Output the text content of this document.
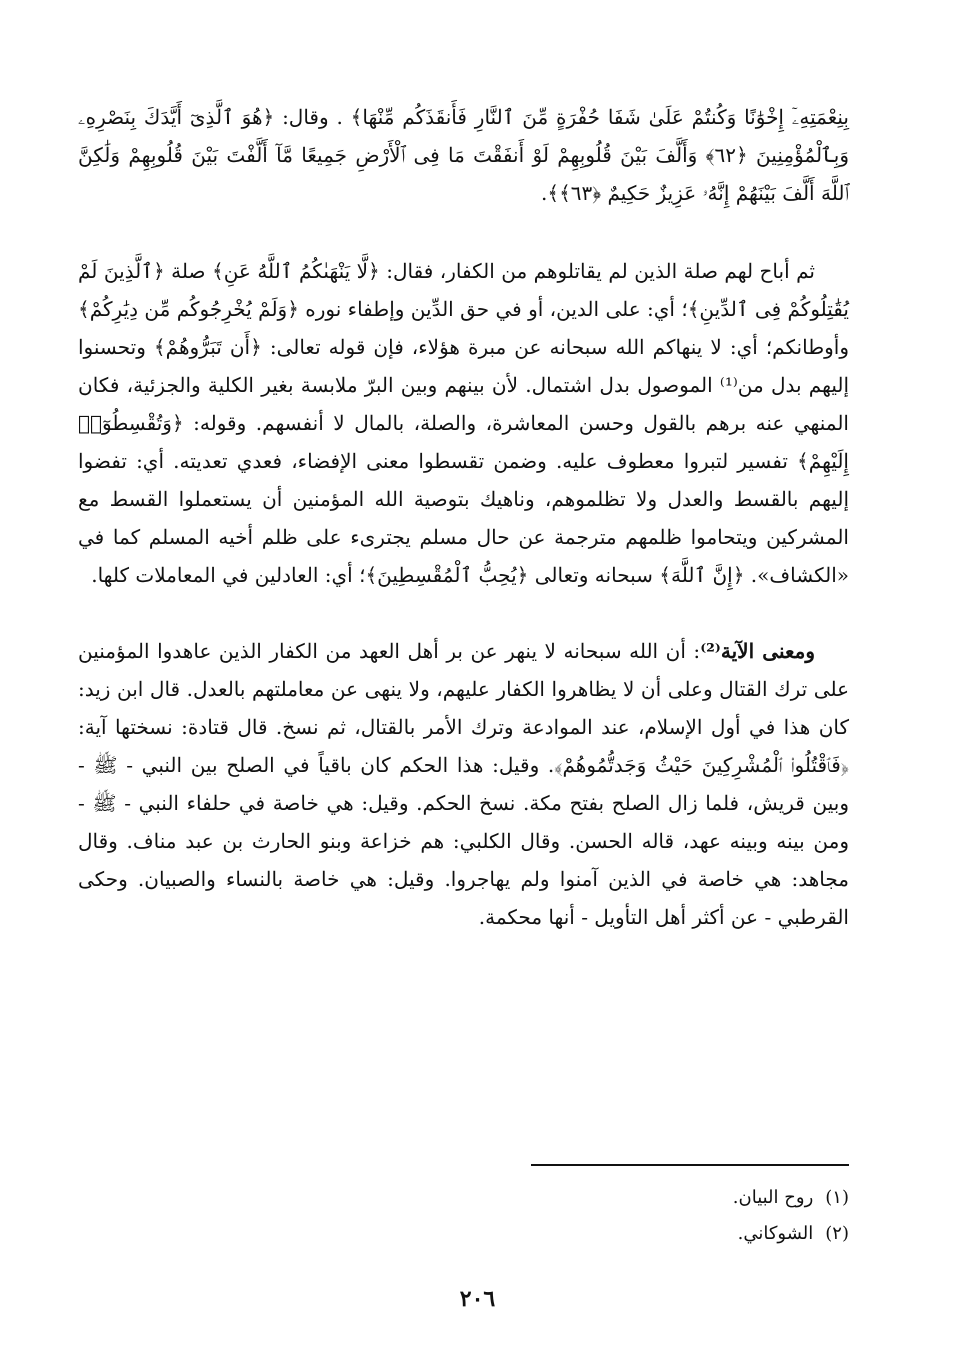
بِنِعْمَتِهِۦٓ إِخْوَٰنًا وَكُنتُمْ عَلَىٰ شَفَا حُفْرَةٍ مِّنَ ٱلنَّارِ فَأَنقَذَكُم مِّنْهَا﴾ . وقال: ﴿هُوَ ٱلَّذِىٓ أَيَّدَكَ بِنَصْرِهِۦ وَبِٱلْمُؤْمِنِينَ ﴿٦٢﴾ وَأَلَّفَ بَيْنَ قُلُوبِهِمْ لَوْ أَنفَقْتَ مَا فِى ٱلْأَرْضِ جَمِيعًا مَّآ أَلَّفْتَ بَيْنَ قُلُوبِهِمْ وَلَٰكِنَّ ٱللَّهَ أَلَّفَ بَيْنَهُمْ إِنَّهُۥ عَزِيزٌ حَكِيمٌ ﴿٦٣﴾﴾.

ثم أباح لهم صلة الذين لم يقاتلوهم من الكفار، فقال: ﴿لَّا يَنْهَىٰكُمُ ٱللَّهُ عَنِ﴾ صلة ﴿ٱلَّذِينَ لَمْ يُقَٰتِلُوكُمْ فِى ٱلدِّينِ﴾؛ أي: على الدين، أو في حق الدِّين وإطفاء نوره ﴿وَلَمْ يُخْرِجُوكُم مِّن دِيَٰرِكُمْ﴾ وأوطانكم؛ أي: لا ينهاكم الله سبحانه عن مبرة هؤلاء، فإن قوله تعالى: ﴿أَن تَبَرُّوهُمْ﴾ وتحسنوا إليهم بدل من⁽¹⁾ الموصول بدل اشتمال. لأن بينهم وبين البرّ ملابسة بغير الكلية والجزئية، فكان المنهي عنه برهم بالقول وحسن المعاشرة، والصلة، بالمال لا أنفسهم. وقوله: ﴿وَتُقْسِطُوٓا۟ إِلَيْهِمْ﴾ تفسير لتبروا معطوف عليه. وضمن تقسطوا معنى الإفضاء، فعدي تعديته. أي: تفضوا إليهم بالقسط والعدل ولا تظلموهم، وناهيك بتوصية الله المؤمنين أن يستعملوا القسط مع المشركين ويتحاموا ظلمهم مترجمة عن حال مسلم يجترىء على ظلم أخيه المسلم كما في «الكشاف». ﴿إِنَّ ٱللَّهَ﴾ سبحانه وتعالى ﴿يُحِبُّ ٱلْمُقْسِطِينَ﴾؛ أي: العادلين في المعاملات كلها.

ومعنى الآية⁽²⁾: أن الله سبحانه لا ينهر عن بر أهل العهد من الكفار الذين عاهدوا المؤمنين على ترك القتال وعلى أن لا يظاهروا الكفار عليهم، ولا ينهى عن معاملتهم بالعدل. قال ابن زيد: كان هذا في أول الإسلام، عند الموادعة وترك الأمر بالقتال، ثم نسخ. قال قتادة: نسختها آية: ﴿فَٱقْتُلُوا۟ ٱلْمُشْرِكِينَ حَيْثُ وَجَدتُّمُوهُمْ﴾. وقيل: هذا الحكم كان باقياً في الصلح بين النبي - ﷺ - وبين قريش، فلما زال الصلح بفتح مكة. نسخ الحكم. وقيل: هي خاصة في حلفاء النبي - ﷺ - ومن بينه وبينه عهد، قاله الحسن. وقال الكلبي: هم خزاعة وبنو الحارث بن عبد مناف. وقال مجاهد: هي خاصة في الذين آمنوا ولم يهاجروا. وقيل: هي خاصة بالنساء والصبيان. وحكى القرطبي - عن أكثر أهل التأويل - أنها محكمة.

(١) روح البيان.

(٢) الشوكاني.

٢٠٦
